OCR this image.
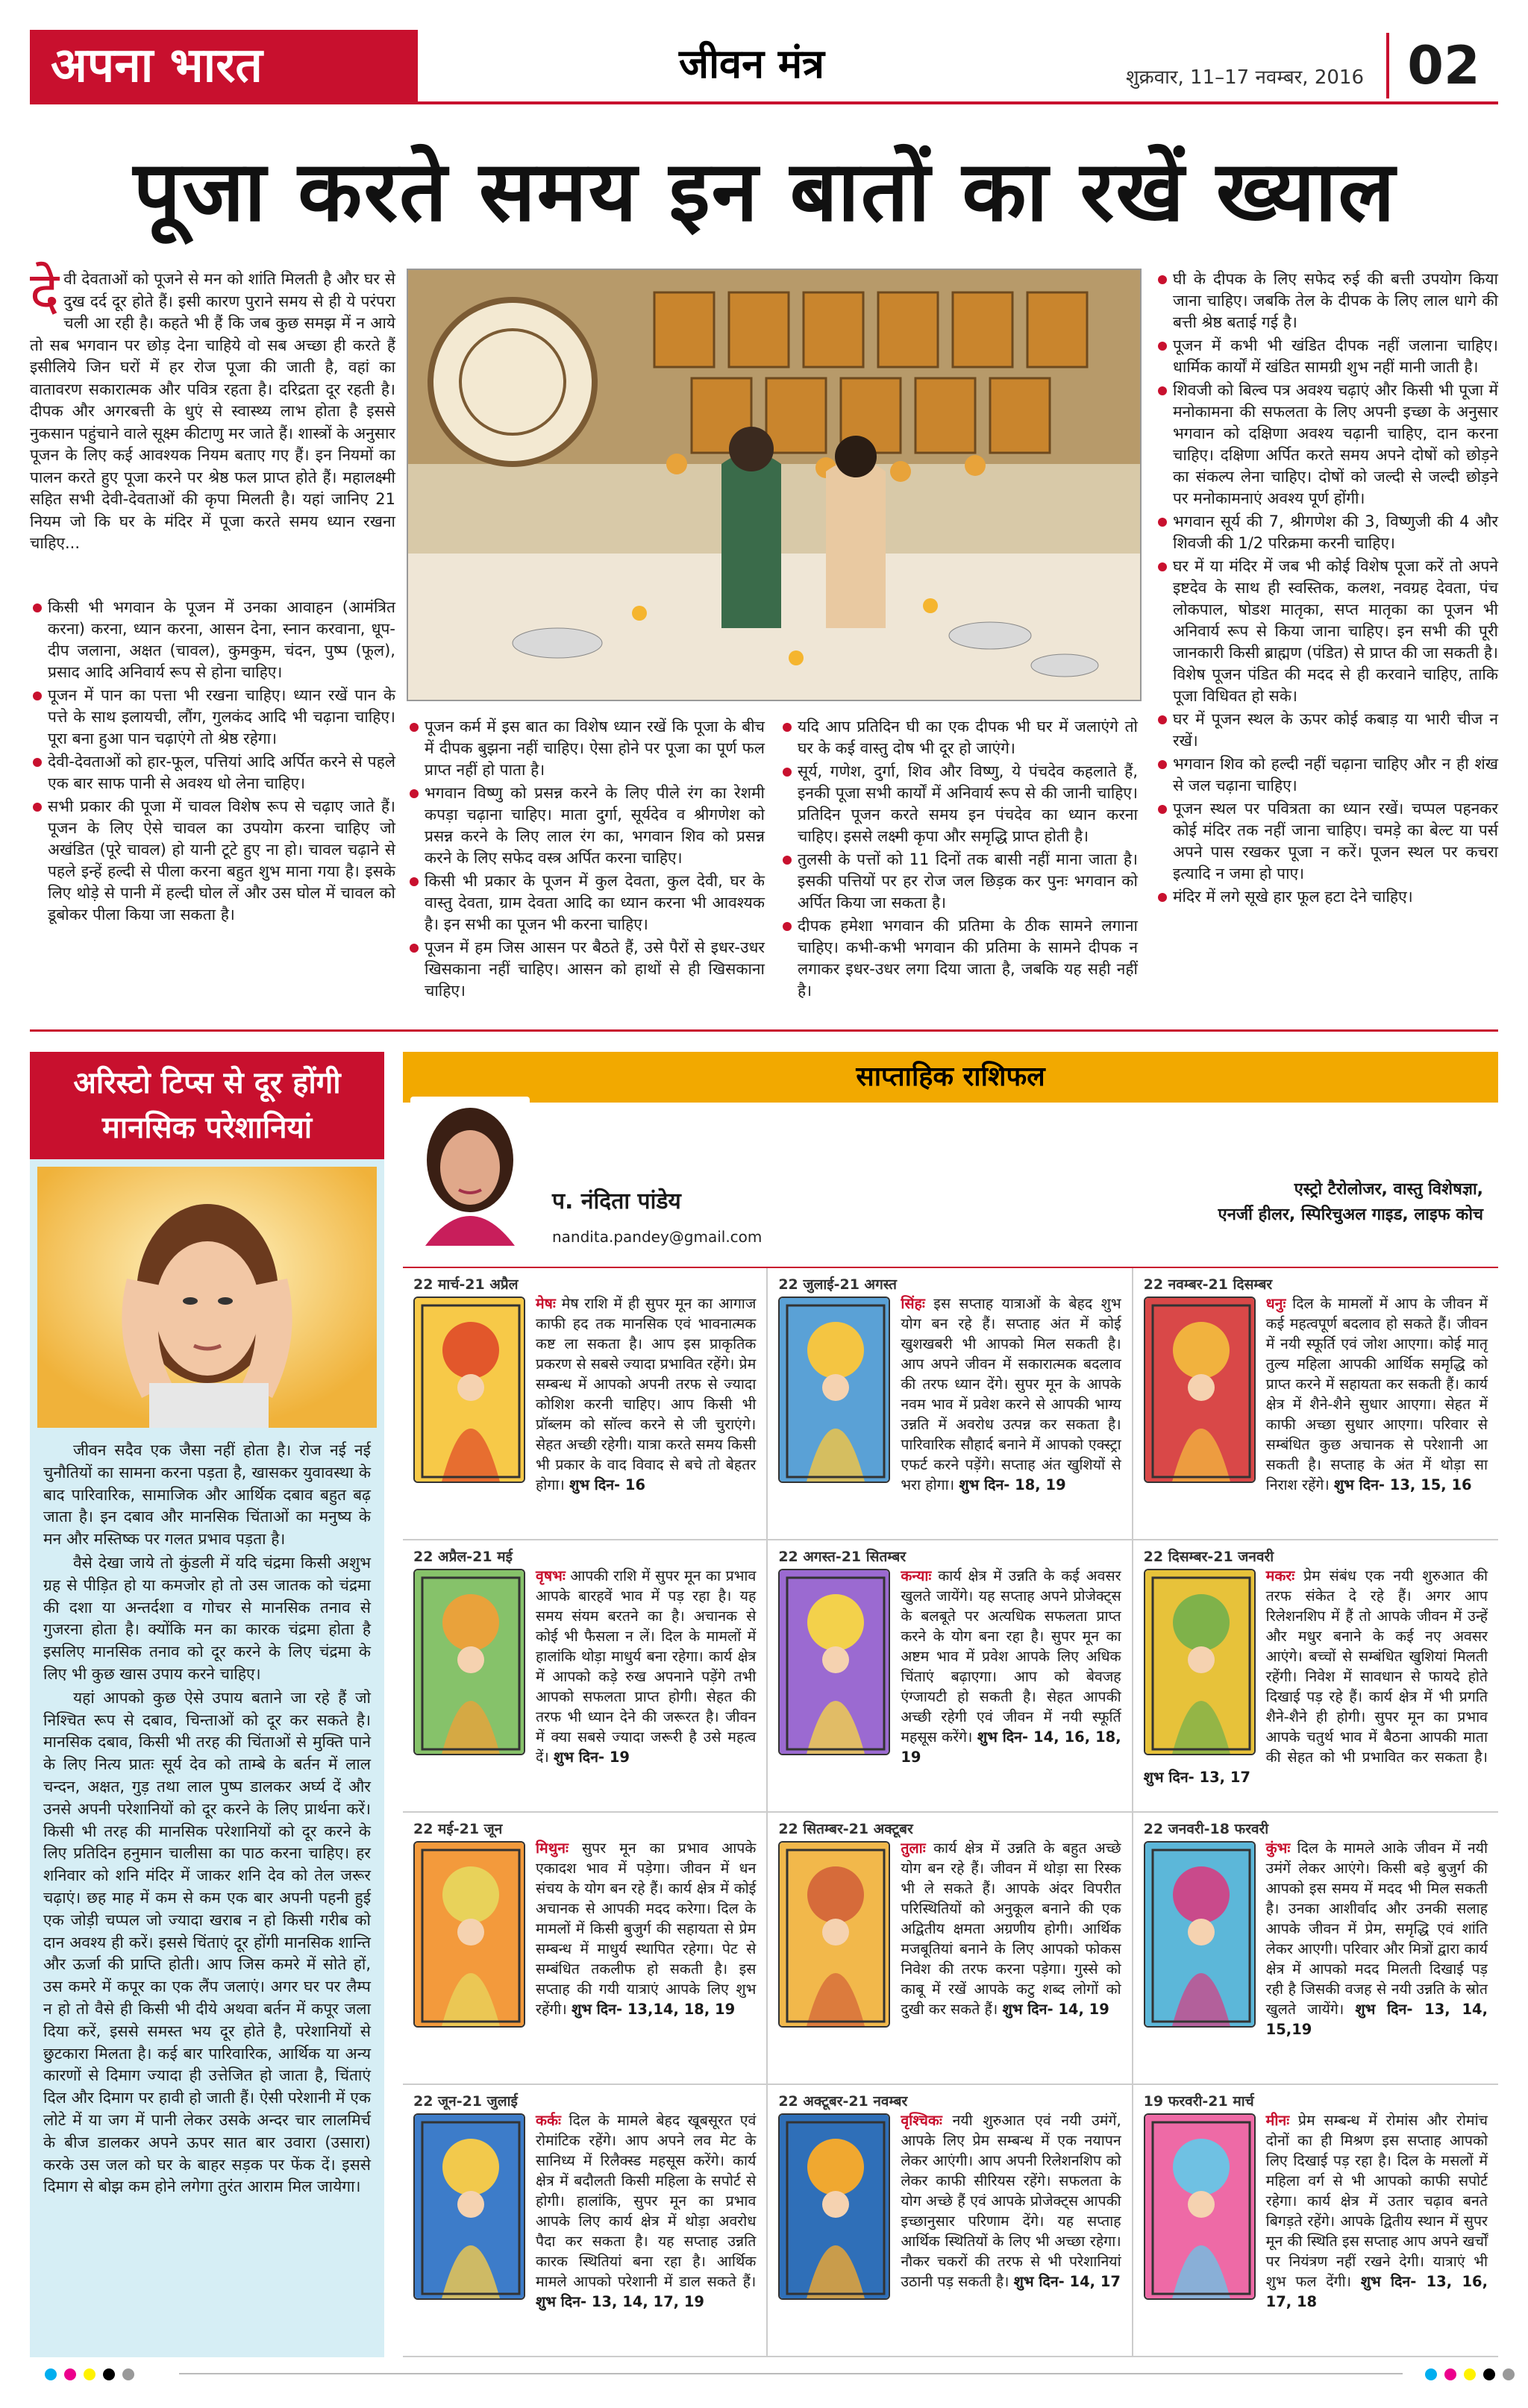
अपना भारत	जीवन मंत्र	शुक्रवार, 11–17 नवम्बर, 2016 02
पूजा करते समय इन बातों का रखें ख्याल
देवी देवताओं को पूजने से मन को शांति मिलती है और घर से दुख दर्द दूर होते हैं। इसी कारण पुराने समय से ही ये परंपरा चली आ रही है। कहते भी हैं कि जब कुछ समझ में न आये तो सब भगवान पर छोड़ देना चाहिये वो सब अच्छा ही करते हैं इसीलिये जिन घरों में हर रोज पूजा की जाती है, वहां का वातावरण सकारात्मक और पवित्र रहता है। दरिद्रता दूर रहती है। दीपक और अगरबत्ती के धुएं से स्वास्थ्य लाभ होता है इससे नुकसान पहुंचाने वाले सूक्ष्म कीटाणु मर जाते हैं। शास्त्रों के अनुसार पूजन के लिए कई आवश्यक नियम बताए गए हैं। इन नियमों का पालन करते हुए पूजा करने पर श्रेष्ठ फल प्राप्त होते हैं। महालक्ष्मी सहित सभी देवी-देवताओं की कृपा मिलती है। यहां जानिए 21 नियम जो कि घर के मंदिर में पूजा करते समय ध्यान रखना चाहिए...
किसी भी भगवान के पूजन में उनका आवाहन (आमंत्रित करना) करना, ध्यान करना, आसन देना, स्नान करवाना, धूप-दीप जलाना, अक्षत (चावल), कुमकुम, चंदन, पुष्प (फूल), प्रसाद आदि अनिवार्य रूप से होना चाहिए।
पूजन में पान का पत्ता भी रखना चाहिए। ध्यान रखें पान के पत्ते के साथ इलायची, लौंग, गुलकंद आदि भी चढ़ाना चाहिए। पूरा बना हुआ पान चढ़ाएंगे तो श्रेष्ठ रहेगा।
देवी-देवताओं को हार-फूल, पत्तियां आदि अर्पित करने से पहले एक बार साफ पानी से अवश्य धो लेना चाहिए।
सभी प्रकार की पूजा में चावल विशेष रूप से चढ़ाए जाते हैं। पूजन के लिए ऐसे चावल का उपयोग करना चाहिए जो अखंडित (पूरे चावल) हो यानी टूटे हुए ना हो। चावल चढ़ाने से पहले इन्हें हल्दी से पीला करना बहुत शुभ माना गया है। इसके लिए थोड़े से पानी में हल्दी घोल लें और उस घोल में चावल को डूबोकर पीला किया जा सकता है।
पूजन कर्म में इस बात का विशेष ध्यान रखें कि पूजा के बीच में दीपक बुझना नहीं चाहिए। ऐसा होने पर पूजा का पूर्ण फल प्राप्त नहीं हो पाता है।
भगवान विष्णु को प्रसन्न करने के लिए पीले रंग का रेशमी कपड़ा चढ़ाना चाहिए। माता दुर्गा, सूर्यदेव व श्रीगणेश को प्रसन्न करने के लिए लाल रंग का, भगवान शिव को प्रसन्न करने के लिए सफेद वस्त्र अर्पित करना चाहिए।
किसी भी प्रकार के पूजन में कुल देवता, कुल देवी, घर के वास्तु देवता, ग्राम देवता आदि का ध्यान करना भी आवश्यक है। इन सभी का पूजन भी करना चाहिए।
पूजन में हम जिस आसन पर बैठते हैं, उसे पैरों से इधर-उधर खिसकाना नहीं चाहिए। आसन को हाथों से ही खिसकाना चाहिए।
यदि आप प्रतिदिन घी का एक दीपक भी घर में जलाएंगे तो घर के कई वास्तु दोष भी दूर हो जाएंगे।
सूर्य, गणेश, दुर्गा, शिव और विष्णु, ये पंचदेव कहलाते हैं, इनकी पूजा सभी कार्यों में अनिवार्य रूप से की जानी चाहिए। प्रतिदिन पूजन करते समय इन पंचदेव का ध्यान करना चाहिए। इससे लक्ष्मी कृपा और समृद्धि प्राप्त होती है।
तुलसी के पत्तों को 11 दिनों तक बासी नहीं माना जाता है। इसकी पत्तियों पर हर रोज जल छिड़क कर पुनः भगवान को अर्पित किया जा सकता है।
दीपक हमेशा भगवान की प्रतिमा के ठीक सामने लगाना चाहिए। कभी-कभी भगवान की प्रतिमा के सामने दीपक न लगाकर इधर-उधर लगा दिया जाता है, जबकि यह सही नहीं है।
घी के दीपक के लिए सफेद रुई की बत्ती उपयोग किया जाना चाहिए। जबकि तेल के दीपक के लिए लाल धागे की बत्ती श्रेष्ठ बताई गई है।
पूजन में कभी भी खंडित दीपक नहीं जलाना चाहिए। धार्मिक कार्यों में खंडित सामग्री शुभ नहीं मानी जाती है।
शिवजी को बिल्व पत्र अवश्य चढ़ाएं और किसी भी पूजा में मनोकामना की सफलता के लिए अपनी इच्छा के अनुसार भगवान को दक्षिणा अवश्य चढ़ानी चाहिए, दान करना चाहिए। दक्षिणा अर्पित करते समय अपने दोषों को छोड़ने का संकल्प लेना चाहिए। दोषों को जल्दी से जल्दी छोड़ने पर मनोकामनाएं अवश्य पूर्ण होंगी।
भगवान सूर्य की 7, श्रीगणेश की 3, विष्णुजी की 4 और शिवजी की 1/2 परिक्रमा करनी चाहिए।
घर में या मंदिर में जब भी कोई विशेष पूजा करें तो अपने इष्टदेव के साथ ही स्वस्तिक, कलश, नवग्रह देवता, पंच लोकपाल, षोडश मातृका, सप्त मातृका का पूजन भी अनिवार्य रूप से किया जाना चाहिए। इन सभी की पूरी जानकारी किसी ब्राह्मण (पंडित) से प्राप्त की जा सकती है। विशेष पूजन पंडित की मदद से ही करवाने चाहिए, ताकि पूजा विधिवत हो सके।
घर में पूजन स्थल के ऊपर कोई कबाड़ या भारी चीज न रखें।
भगवान शिव को हल्दी नहीं चढ़ाना चाहिए और न ही शंख से जल चढ़ाना चाहिए।
पूजन स्थल पर पवित्रता का ध्यान रखें। चप्पल पहनकर कोई मंदिर तक नहीं जाना चाहिए। चमड़े का बेल्ट या पर्स अपने पास रखकर पूजा न करें। पूजन स्थल पर कचरा इत्यादि न जमा हो पाए।
मंदिर में लगे सूखे हार फूल हटा देने चाहिए।
अरिस्टो टिप्स से दूर होंगी मानसिक परेशानियां

जीवन सदैव एक जैसा नहीं होता है। रोज नई नई चुनौतियों का सामना करना पड़ता है, खासकर युवावस्था के बाद पारिवारिक, सामाजिक और आर्थिक दबाव बहुत बढ़ जाता है। इन दबाव और मानसिक चिंताओं का मनुष्य के मन और मस्तिष्क पर गलत प्रभाव पड़ता है।

वैसे देखा जाये तो कुंडली में यदि चंद्रमा किसी अशुभ ग्रह से पीड़ित हो या कमजोर हो तो उस जातक को चंद्रमा की दशा या अन्तर्दशा व गोचर से मानसिक तनाव से गुजरना होता है। क्योंकि मन का कारक चंद्रमा होता है इसलिए मानसिक तनाव को दूर करने के लिए चंद्रमा के लिए भी कुछ खास उपाय करने चाहिए।

यहां आपको कुछ ऐसे उपाय बताने जा रहे हैं जो निश्चित रूप से दबाव, चिन्ताओं को दूर कर सकते है। मानसिक दबाव, किसी भी तरह की चिंताओं से मुक्ति पाने के लिए नित्य प्रातः सूर्य देव को ताम्बे के बर्तन में लाल चन्दन, अक्षत, गुड़ तथा लाल पुष्प डालकर अर्घ्य दें और उनसे अपनी परेशानियों को दूर करने के लिए प्रार्थना करें। किसी भी तरह की मानसिक परेशानियों को दूर करने के लिए प्रतिदिन हनुमान चालीसा का पाठ करना चाहिए। हर शनिवार को शनि मंदिर में जाकर शनि देव को तेल जरूर चढ़ाएं। छह माह में कम से कम एक बार अपनी पहनी हुई एक जोड़ी चप्पल जो ज्यादा खराब न हो किसी गरीब को दान अवश्य ही करें। इससे चिंताएं दूर होंगी मानसिक शान्ति और ऊर्जा की प्राप्ति होती। आप जिस कमरे में सोते हों, उस कमरे में कपूर का एक लैंप जलाएं। अगर घर पर लैम्प न हो तो वैसे ही किसी भी दीये अथवा बर्तन में कपूर जला दिया करें, इससे समस्त भय दूर होते है, परेशानियों से छुटकारा मिलता है। कई बार पारिवारिक, आर्थिक या अन्य कारणों से दिमाग ज्यादा ही उत्तेजित हो जाता है, चिंताएं दिल और दिमाग पर हावी हो जाती हैं। ऐसी परेशानी में एक लोटे में या जग में पानी लेकर उसके अन्दर चार लालमिर्च के बीज डालकर अपने ऊपर सात बार उवारा (उसारा) करके उस जल को घर के बाहर सड़क पर फेंक दें। इससे दिमाग से बोझ कम होने लगेगा तुरंत आराम मिल जायेगा।

साप्ताहिक राशिफल
प. नंदिता पांडेय
nandita.pandey@gmail.com
एस्ट्रो टैरोलोजर, वास्तु विशेषज्ञा,
एनर्जी हीलर, स्पिरिचुअल गाइड, लाइफ कोच
22 मार्च-21 अप्रैल
मेषः मेष राशि में ही सुपर मून का आगाज काफी हद तक मानसिक एवं भावनात्मक कष्ट ला सकता है। आप इस प्राकृतिक प्रकरण से सबसे ज्यादा प्रभावित रहेंगे। प्रेम सम्बन्ध में आपको अपनी तरफ से ज्यादा कोशिश करनी चाहिए। आप किसी भी प्रॉब्लम को सॉल्व करने से जी चुराएंगे। सेहत अच्छी रहेगी। यात्रा करते समय किसी भी प्रकार के वाद विवाद से बचे तो बेहतर होगा। शुभ दिन- 16
22 जुलाई-21 अगस्त
सिंहः इस सप्ताह यात्राओं के बेहद शुभ योग बन रहे हैं। सप्ताह अंत में कोई खुशखबरी भी आपको मिल सकती है। आप अपने जीवन में सकारात्मक बदलाव की तरफ ध्यान देंगे। सुपर मून के आपके नवम भाव में प्रवेश करने से आपकी भाग्य उन्नति में अवरोध उत्पन्न कर सकता है। पारिवारिक सौहार्द बनाने में आपको एक्स्ट्रा एफर्ट करने पड़ेंगे। सप्ताह अंत खुशियों से भरा होगा। शुभ दिन- 18, 19
22 नवम्बर-21 दिसम्बर
धनुः दिल के मामलों में आप के जीवन में कई महत्वपूर्ण बदलाव हो सकते हैं। जीवन में नयी स्फूर्ति एवं जोश आएगा। कोई मातृ तुल्य महिला आपकी आर्थिक समृद्धि को प्राप्त करने में सहायता कर सकती हैं। कार्य क्षेत्र में शैने-शैने सुधार आएगा। सेहत में काफी अच्छा सुधार आएगा। परिवार से सम्बंधित कुछ अचानक से परेशानी आ सकती है। सप्ताह के अंत में थोड़ा सा निराश रहेंगे। शुभ दिन- 13, 15, 16
22 अप्रैल-21 मई
वृषभः आपकी राशि में सुपर मून का प्रभाव आपके बारहवें भाव में पड़ रहा है। यह समय संयम बरतने का है। अचानक से कोई भी फैसला न लें। दिल के मामलों में हालांकि थोड़ा माधुर्य बना रहेगा। कार्य क्षेत्र में आपको कड़े रुख अपनाने पड़ेंगे तभी आपको सफलता प्राप्त होगी। सेहत की तरफ भी ध्यान देने की जरूरत है। जीवन में क्या सबसे ज्यादा जरूरी है उसे महत्व दें। शुभ दिन- 19
22 अगस्त-21 सितम्बर
कन्याः कार्य क्षेत्र में उन्नति के कई अवसर खुलते जायेंगे। यह सप्ताह अपने प्रोजेक्ट्स के बलबूते पर अत्यधिक सफलता प्राप्त करने के योग बना रहा है। सुपर मून का अष्टम भाव में प्रवेश आपके लिए अधिक चिंताएं बढ़ाएगा। आप को बेवजह एंग्जायटी हो सकती है। सेहत आपकी अच्छी रहेगी एवं जीवन में नयी स्फूर्ति महसूस करेंगे। शुभ दिन- 14, 16, 18, 19
22 दिसम्बर-21 जनवरी
मकरः प्रेम संबंध एक नयी शुरुआत की तरफ संकेत दे रहे हैं। अगर आप रिलेशनशिप में हैं तो आपके जीवन में उन्हें और मधुर बनाने के कई नए अवसर आएंगे। बच्चों से सम्बंधित खुशियां मिलती रहेंगी। निवेश में सावधान से फायदे होते दिखाई पड़ रहे हैं। कार्य क्षेत्र में भी प्रगति शैने-शैने ही होगी। सुपर मून का प्रभाव आपके चतुर्थ भाव में बैठना आपकी माता की सेहत को भी प्रभावित कर सकता है। शुभ दिन- 13, 17
22 मई-21 जून
मिथुनः सुपर मून का प्रभाव आपके एकादश भाव में पड़ेगा। जीवन में धन संचय के योग बन रहे हैं। कार्य क्षेत्र में कोई अचानक से आपकी मदद करेगा। दिल के मामलों में किसी बुजुर्ग की सहायता से प्रेम सम्बन्ध में माधुर्य स्थापित रहेगा। पेट से सम्बंधित तकलीफ हो सकती है। इस सप्ताह की गयी यात्राएं आपके लिए शुभ रहेंगी। शुभ दिन- 13,14, 18, 19
22 सितम्बर-21 अक्टूबर
तुलाः कार्य क्षेत्र में उन्नति के बहुत अच्छे योग बन रहे हैं। जीवन में थोड़ा सा रिस्क भी ले सकते हैं। आपके अंदर विपरीत परिस्थितियों को अनुकूल बनाने की एक अद्वितीय क्षमता अग्रणीय होगी। आर्थिक मजबूतियां बनाने के लिए आपको फोकस निवेश की तरफ करना पड़ेगा। गुस्से को काबू में रखें आपके कटु शब्द लोगों को दुखी कर सकते हैं। शुभ दिन- 14, 19
22 जनवरी-18 फरवरी
कुंभः दिल के मामले आके जीवन में नयी उमंगें लेकर आएंगे। किसी बड़े बुजुर्ग की आपको इस समय में मदद भी मिल सकती है। उनका आशीर्वाद और उनकी सलाह आपके जीवन में प्रेम, समृद्धि एवं शांति लेकर आएगी। परिवार और मित्रों द्वारा कार्य क्षेत्र में आपको मदद मिलती दिखाई पड़ रही है जिसकी वजह से नयी उन्नति के स्रोत खुलते जायेंगे। शुभ दिन- 13, 14, 15,19
22 जून-21 जुलाई
कर्कः दिल के मामले बेहद खूबसूरत एवं रोमांटिक रहेंगे। आप अपने लव मेट के सानिध्य में रिलैक्स्ड महसूस करेंगे। कार्य क्षेत्र में बदौलती किसी महिला के सपोर्ट से होगी। हालांकि, सुपर मून का प्रभाव आपके लिए कार्य क्षेत्र में थोड़ा अवरोध पैदा कर सकता है। यह सप्ताह उन्नति कारक स्थितियां बना रहा है। आर्थिक मामले आपको परेशानी में डाल सकते हैं। शुभ दिन- 13, 14, 17, 19
22 अक्टूबर-21 नवम्बर
वृश्चिकः नयी शुरुआत एवं नयी उमंगें, आपके लिए प्रेम सम्बन्ध में एक नयापन लेकर आएंगी। आप अपनी रिलेशनशिप को लेकर काफी सीरियस रहेंगे। सफलता के योग अच्छे हैं एवं आपके प्रोजेक्ट्स आपकी इच्छानुसार परिणाम देंगे। यह सप्ताह आर्थिक स्थितियों के लिए भी अच्छा रहेगा। नौकर चकरों की तरफ से भी परेशानियां उठानी पड़ सकती है। शुभ दिन- 14, 17
19 फरवरी-21 मार्च
मीनः प्रेम सम्बन्ध में रोमांस और रोमांच दोनों का ही मिश्रण इस सप्ताह आपको लिए दिखाई पड़ रहा है। दिल के मसलों में महिला वर्ग से भी आपको काफी सपोर्ट रहेगा। कार्य क्षेत्र में उतार चढ़ाव बनते बिगड़ते रहेंगे। आपके द्वितीय स्थान में सुपर मून की स्थिति इस सप्ताह आप अपने खर्चों पर नियंत्रण नहीं रखने देगी। यात्राएं भी शुभ फल देंगी। शुभ दिन- 13, 16, 17, 18
